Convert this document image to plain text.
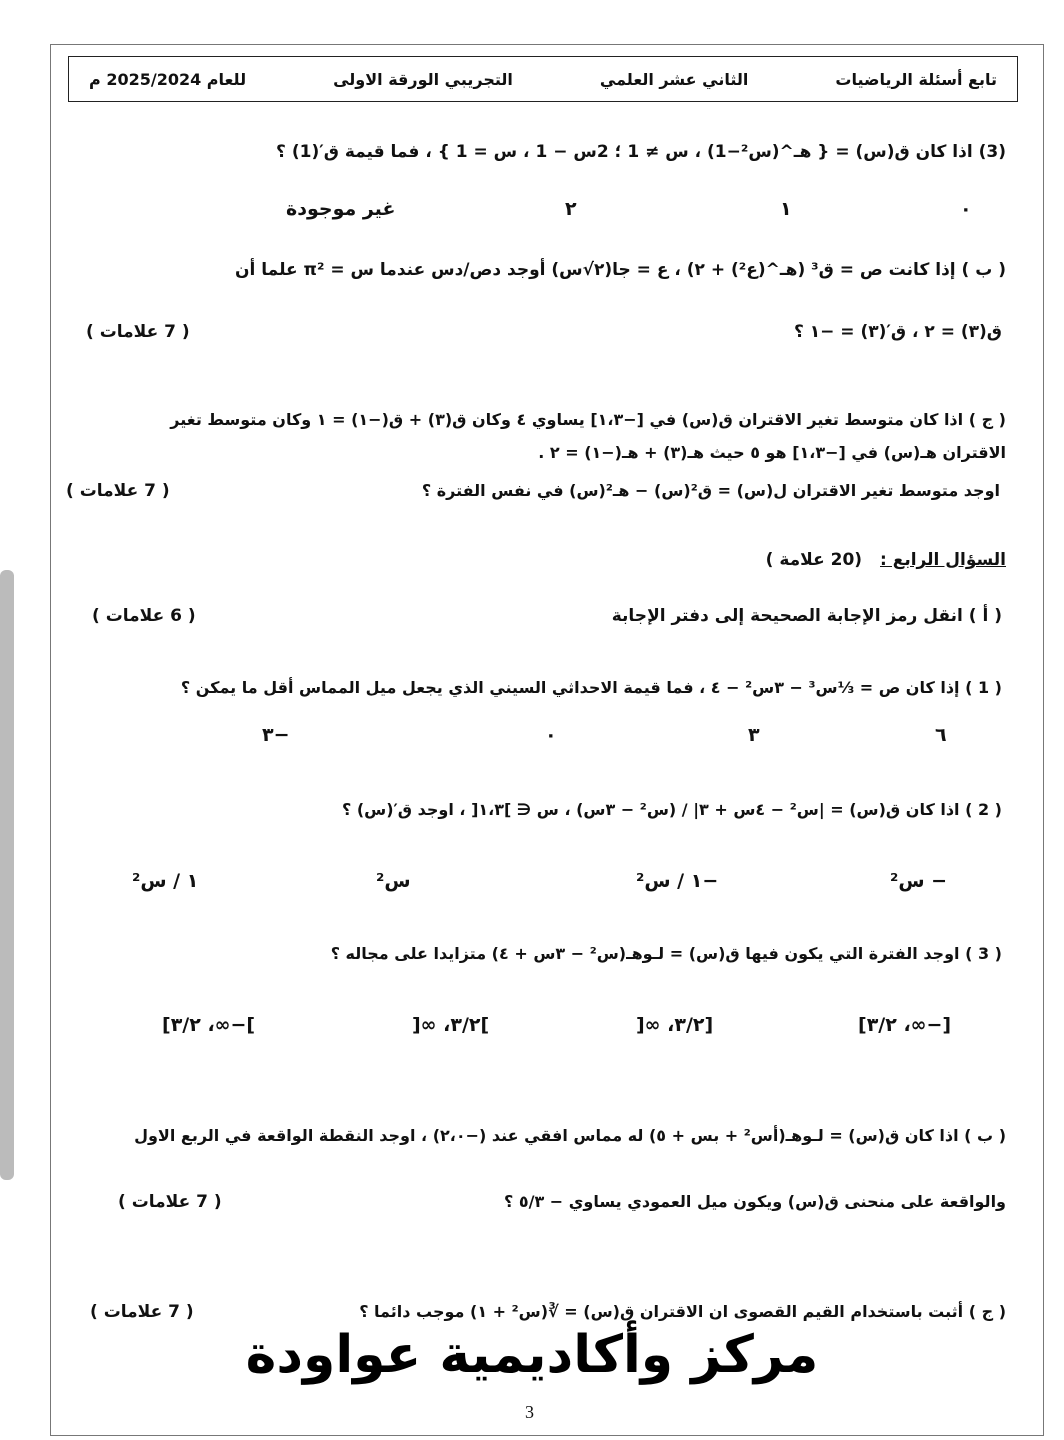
تابع أسئلة الرياضيات
الثاني عشر العلمي
التجريبي الورقة الاولى
للعام 2025/2024 م
(3) اذا كان ق(س) = { هـ^(س²−1) ، س ≠ 1 ؛ 2س − 1 ، س = 1 } ، فما قيمة ق′(1) ؟
٠
١
٢
غير موجودة
( ب ) إذا كانت ص = ق³ (هـ^(ع²) + ٢) ، ع = جا(٢√س) أوجد دص/دس عندما س = π² علما أن
ق(٣) = ٢ ، ق′(٣) = −١ ؟
( 7 علامات )
( ج ) اذا كان متوسط تغير الاقتران ق(س) في [−١،٣] يساوي ٤ وكان ق(٣) + ق(−١) = ١ وكان متوسط تغير
الاقتران هـ(س) في [−١،٣] هو ٥ حيث هـ(٣) + هـ(−١) = ٢ .
اوجد متوسط تغير الاقتران ل(س) = ق²(س) − هـ²(س) في نفس الفترة ؟
( 7 علامات )
السؤال الرابع : (20 علامة )
( أ ) انقل رمز الإجابة الصحيحة إلى دفتر الإجابة
( 6 علامات )
( 1 ) إذا كان ص = ⅓س³ − ٣س² − ٤ ، فما قيمة الاحداثي السيني الذي يجعل ميل المماس أقل ما يمكن ؟
٦
٣
٠
−٣
( 2 ) اذا كان ق(س) = |س² − ٤س + ٣| / (س² − ٣س) ، س ∈ ]١،٣[ ، اوجد ق′(س) ؟
− س²
−١ / س²
س²
١ / س²
( 3 ) اوجد الفترة التي يكون فيها ق(س) = لـوهـ(س² − ٣س + ٤) متزايدا على مجاله ؟
[−∞، ٣/٢]
[٣/٢، ∞[
]٣/٢، ∞[
]−∞، ٣/٢]
( ب ) اذا كان ق(س) = لـوهـ(أس² + بس + ٥) له مماس افقي عند (−٢،٠) ، اوجد النقطة الواقعة في الربع الاول
والواقعة على منحنى ق(س) ويكون ميل العمودي يساوي − ٥/٣ ؟
( 7 علامات )
( ج ) أثبت باستخدام القيم القصوى ان الاقتران ق(س) = ∛(س² + ١) موجب دائما ؟
( 7 علامات )
مركز وأكاديمية عواودة
3
